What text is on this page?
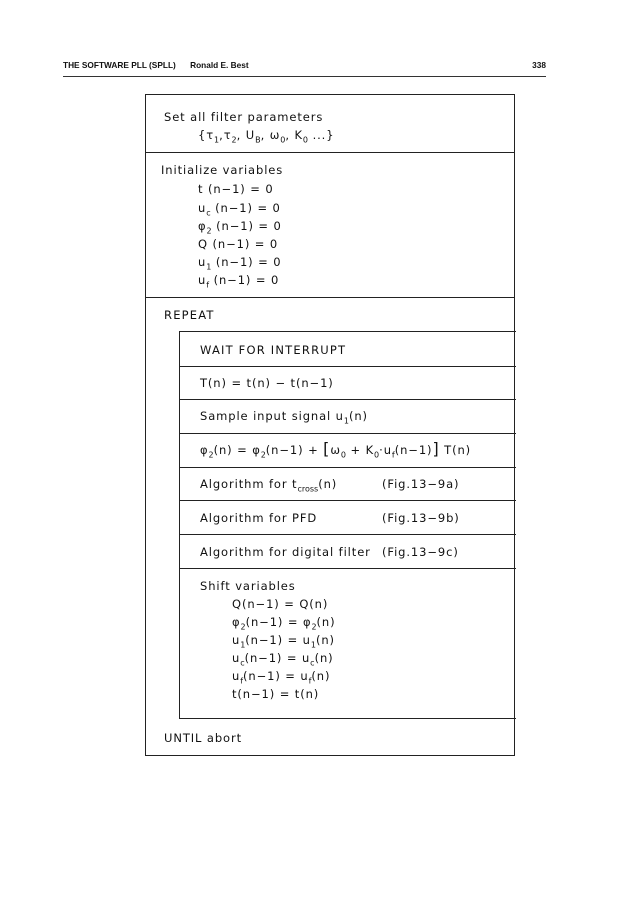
THE SOFTWARE PLL (SPLL) Ronald E. Best	338
Set all filter parameters
{$\tau_1,\tau_2$, $U_B$, $\omega_0$, $K_0$ ...}
Initialize variables
t (n−1) = 0
$u_c$ (n−1) = 0
$\varphi_2$ (n−1) = 0
Q (n−1) = 0
$u_1$ (n−1) = 0
$u_f$ (n−1) = 0
REPEAT
WAIT FOR INTERRUPT
T(n) = t(n) − t(n−1)
Sample input signal $u_1(n)$
$\varphi_2(n) = \varphi_2(n-1) + [\omega_0 + K_0\cdot u_f(n-1)]$ T(n)
Algorithm for $t_{cross}(n)$	(Fig.13−9a)
Algorithm for PFD	(Fig.13−9b)
Algorithm for digital filter (Fig.13−9c)
Shift variables
Q(n−1) = Q(n)
$\varphi_2(n-1) = \varphi_2(n)$
$u_1(n-1) = u_1(n)$
$u_c(n-1) = u_c(n)$
$u_f(n-1) = u_f(n)$
t(n−1) = t(n)
UNTIL abort
